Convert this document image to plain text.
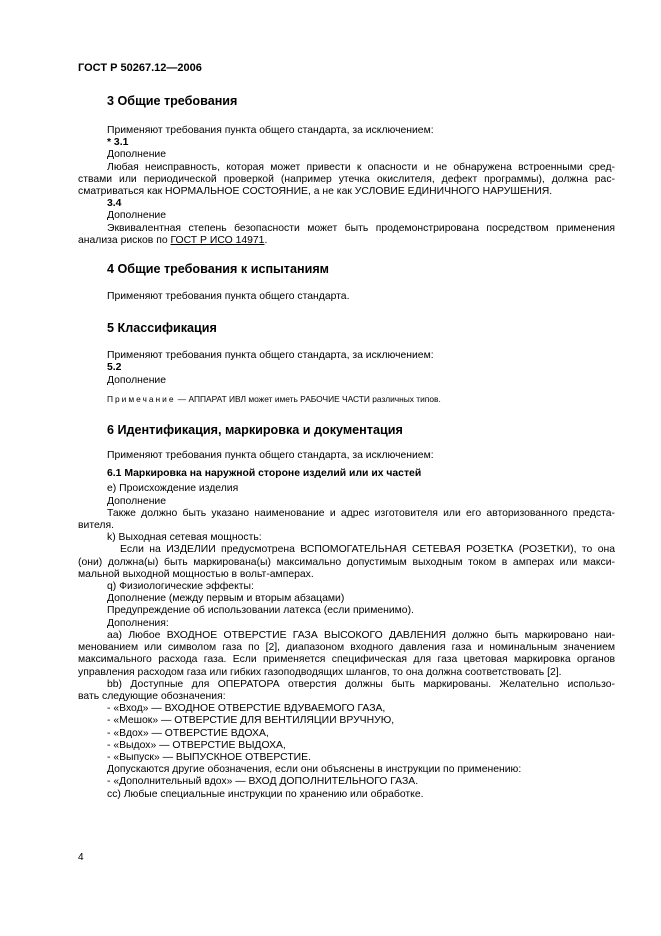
ГОСТ Р 50267.12—2006

3 Общие требования

Применяют требования пункта общего стандарта, за исключением:

* 3.1

Дополнение

Любая неисправность, которая может привести к опасности и не обнаружена встроенными сред-

ствами или периодической проверкой (например утечка окислителя, дефект программы), должна рас-

сматриваться как НОРМАЛЬНОЕ СОСТОЯНИЕ, а не как УСЛОВИЕ ЕДИНИЧНОГО НАРУШЕНИЯ.

3.4

Дополнение

Эквивалентная степень безопасности может быть продемонстрирована посредством применения

анализа рисков по ГОСТ Р ИСО 14971.

4 Общие требования к испытаниям

Применяют требования пункта общего стандарта.

5 Классификация

Применяют требования пункта общего стандарта, за исключением:

5.2

Дополнение

Примечание — АППАРАТ ИВЛ может иметь РАБОЧИЕ ЧАСТИ различных типов.

6 Идентификация, маркировка и документация

Применяют требования пункта общего стандарта, за исключением:

6.1 Маркировка на наружной стороне изделий или их частей

е) Происхождение изделия

Дополнение

Также должно быть указано наименование и адрес изготовителя или его авторизованного предста-

вителя.

k) Выходная сетевая мощность:

Если на ИЗДЕЛИИ предусмотрена ВСПОМОГАТЕЛЬНАЯ СЕТЕВАЯ РОЗЕТКА (РОЗЕТКИ), то она

(они) должна(ы) быть маркирована(ы) максимально допустимым выходным током в амперах или макси-

мальной выходной мощностью в вольт-амперах.

q) Физиологические эффекты:

Дополнение (между первым и вторым абзацами)

Предупреждение об использовании латекса (если применимо).

Дополнения:

аа) Любое ВХОДНОЕ ОТВЕРСТИЕ ГАЗА ВЫСОКОГО ДАВЛЕНИЯ должно быть маркировано наи-

менованием или символом газа по [2], диапазоном входного давления газа и номинальным значением

максимального расхода газа. Если применяется специфическая для газа цветовая маркировка органов

управления расходом газа или гибких газоподводящих шлангов, то она должна соответствовать [2].

bb) Доступные для ОПЕРАТОРА отверстия должны быть маркированы. Желательно использо-

вать следующие обозначения:

- «Вход» — ВХОДНОЕ ОТВЕРСТИЕ ВДУВАЕМОГО ГАЗА,

- «Мешок» — ОТВЕРСТИЕ ДЛЯ ВЕНТИЛЯЦИИ ВРУЧНУЮ,

- «Вдох» — ОТВЕРСТИЕ ВДОХА,

- «Выдох» — ОТВЕРСТИЕ ВЫДОХА,

- «Выпуск» — ВЫПУСКНОЕ ОТВЕРСТИЕ.

Допускаются другие обозначения, если они объяснены в инструкции по применению:

- «Дополнительный вдох» — ВХОД ДОПОЛНИТЕЛЬНОГО ГАЗА.

cc) Любые специальные инструкции по хранению или обработке.

4
